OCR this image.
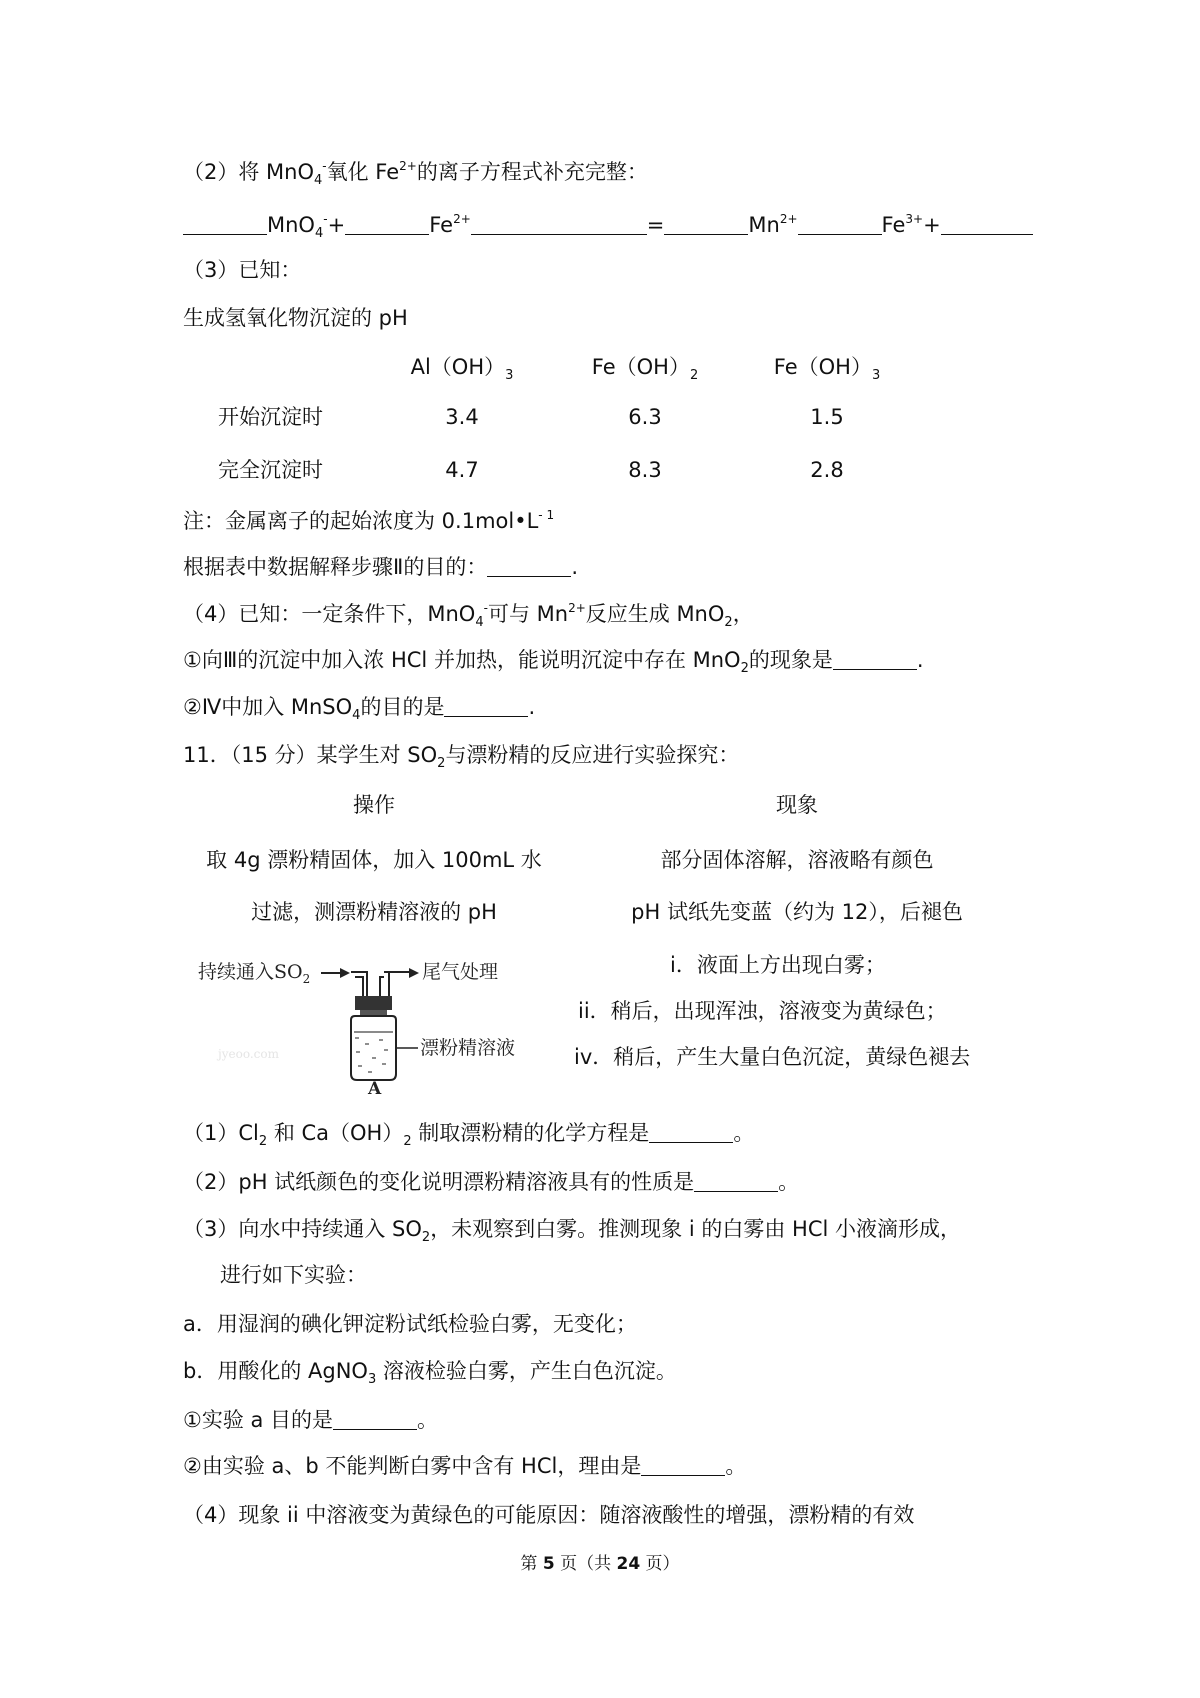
（2）将 MnO$_4$-氧化 $Fe^{2+}$的离子方程式补充完整：
MnO$_4$-+	$Fe^{2+}$	=	$Mn^{2+}$	$Fe^{3+}+$
（3）已知：
生成氢氧化物沉淀的 pH
$Al(OH)_3$	$Fe(OH)_2$	$Fe(OH)_3$
开始沉淀时	3.4	6.3	1.5
完全沉淀时	4.7	8.3	2.8
注：金属离子的起始浓度为 $0.1mol•L^{- 1}$
根据表中数据解释步骤Ⅱ的目的：	.
（4）已知：一定条件下，MnO$_4$-可与 $Mn^{2+}$反应生成 MnO$_2$，
①向Ⅲ的沉淀中加入浓 HCl 并加热，能说明沉淀中存在 MnO$_2$的现象是	.
②Ⅳ中加入 MnSO$_4$的目的是	.
11．（15 分）某学生对 $SO_2$与漂粉精的反应进行实验探究：
操作	现象
取 4g 漂粉精固体，加入 100mL 水	部分固体溶解，溶液略有颜色
过滤，测漂粉精溶液的 pH	pH 试纸先变蓝（约为 12），后褪色
持续通入$SO_2$	尾气处理
漂粉精溶液
A
jyeoo.com
i．液面上方出现白雾；
ii．稍后，出现浑浊，溶液变为黄绿色；
iv．稍后，产生大量白色沉淀，黄绿色褪去
$(1)Cl_2$ 和 $Ca(OH)_2$ 制取漂粉精的化学方程是	。
（2）pH 试纸颜色的变化说明漂粉精溶液具有的性质是	。
（3）向水中持续通入 $SO_2$，未观察到白雾。推测现象 i 的白雾由 HCl 小液滴形成，
进行如下实验：
a．用湿润的碘化钾淀粉试纸检验白雾，无变化；
b．用酸化的 AgNO$_3$ 溶液检验白雾，产生白色沉淀。
①实验 a 目的是	。
②由实验 a、b 不能判断白雾中含有 HCl，理由是	。
（4）现象 ii 中溶液变为黄绿色的可能原因：随溶液酸性的增强，漂粉精的有效
第 5 页（共 24 页）
